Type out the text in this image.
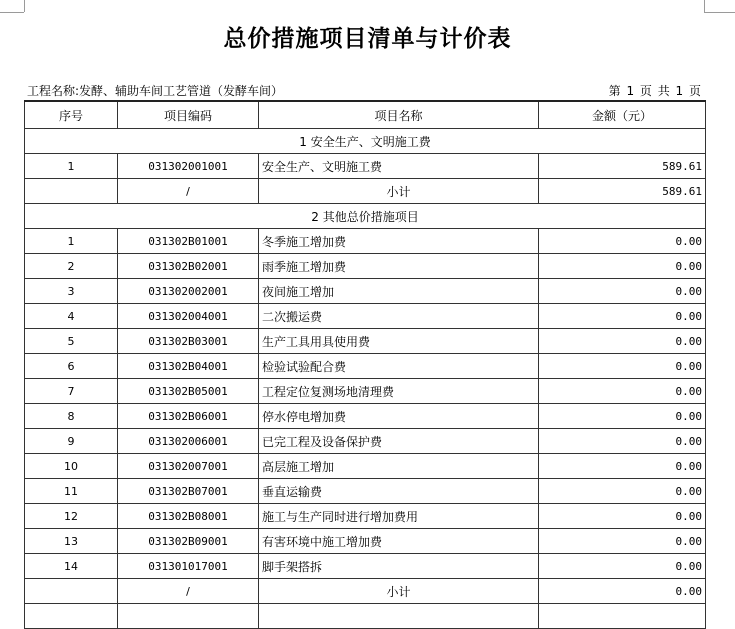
总价措施项目清单与计价表
工程名称:发酵、辅助车间工艺管道（发酵车间）	第 1 页 共 1 页
序号	项目编码	项目名称	金额（元）
1 安全生产、文明施工费			
1	031302001001	安全生产、文明施工费	589.61
	/	小计	589.61
2 其他总价措施项目			
1	031302B01001	冬季施工增加费	0.00
2	031302B02001	雨季施工增加费	0.00
3	031302002001	夜间施工增加	0.00
4	031302004001	二次搬运费	0.00
5	031302B03001	生产工具用具使用费	0.00
6	031302B04001	检验试验配合费	0.00
7	031302B05001	工程定位复测场地清理费	0.00
8	031302B06001	停水停电增加费	0.00
9	031302006001	已完工程及设备保护费	0.00
10	031302007001	高层施工增加	0.00
11	031302B07001	垂直运输费	0.00
12	031302B08001	施工与生产同时进行增加费用	0.00
13	031302B09001	有害环境中施工增加费	0.00
14	031301017001	脚手架搭拆	0.00
	/	小计	0.00
